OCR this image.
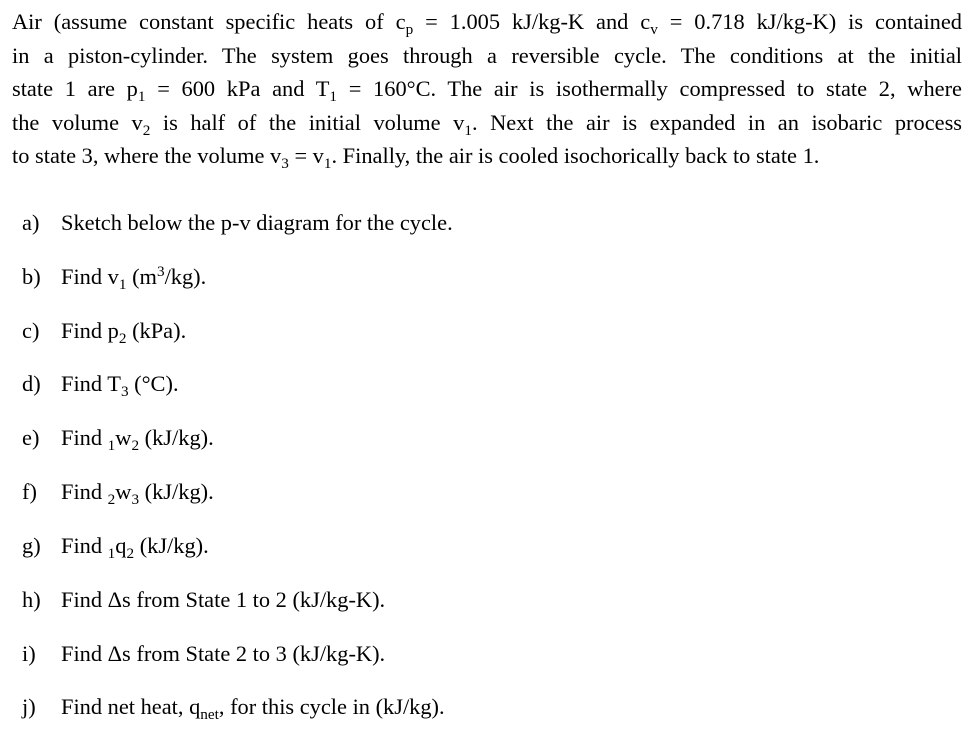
Air (assume constant specific heats of $c_p = 1.005$ kJ/kg-K and $c_v = 0.718$ kJ/kg-K) is contained
in a piston-cylinder. The system goes through a reversible cycle. The conditions at the initial
state 1 are $p_1 = 600$ kPa and $T_1 = 160^\circ C$. The air is isothermally compressed to state 2, where
the volume $v_2$ is half of the initial volume $v_1$. Next the air is expanded in an isobaric process
to state 3, where the volume $v_3 = v_1$. Finally, the air is cooled isochorically back to state 1.
a) Sketch below the p-v diagram for the cycle.
b) Find $v_1$ $(m^3/kg)$.
c) Find $p_2$ (kPa).
d) Find $T_3$ (°C).
e) Find $_1w_2$ (kJ/kg).
f) Find $_2w_3$ (kJ/kg).
g) Find $_1q_2$ (kJ/kg).
h) Find Δs from State 1 to 2 (kJ/kg-K).
i) Find Δs from State 2 to 3 (kJ/kg-K).
j) Find net heat, $q_{net}$, for this cycle in (kJ/kg).
